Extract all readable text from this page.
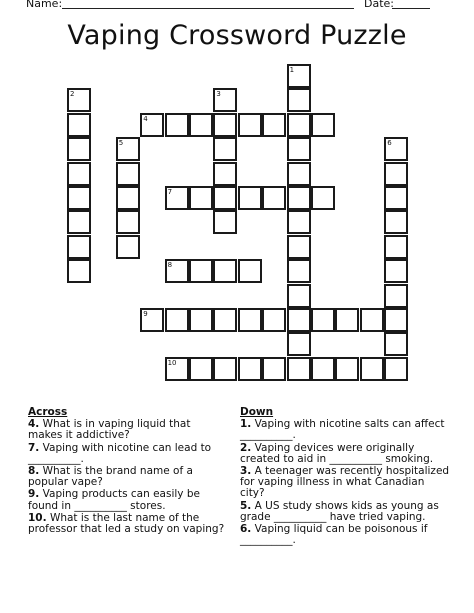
Name:	Date:
Vaping Crossword Puzzle
1
2	3
4
5	6
7
8
9
10
Across
4. What is in vaping liquid that makes it addictive?
7. Vaping with nicotine can lead to __________.
8. What is the brand name of a popular vape?
9. Vaping products can easily be found in __________ stores.
10. What is the last name of the professor that led a study on vaping?
Down
1. Vaping with nicotine salts can affect __________.
2. Vaping devices were originally created to aid in __________ smoking.
3. A teenager was recently hospitalized for vaping illness in what Canadian city?
5. A US study shows kids as young as grade __________ have tried vaping.
6. Vaping liquid can be poisonous if __________.
